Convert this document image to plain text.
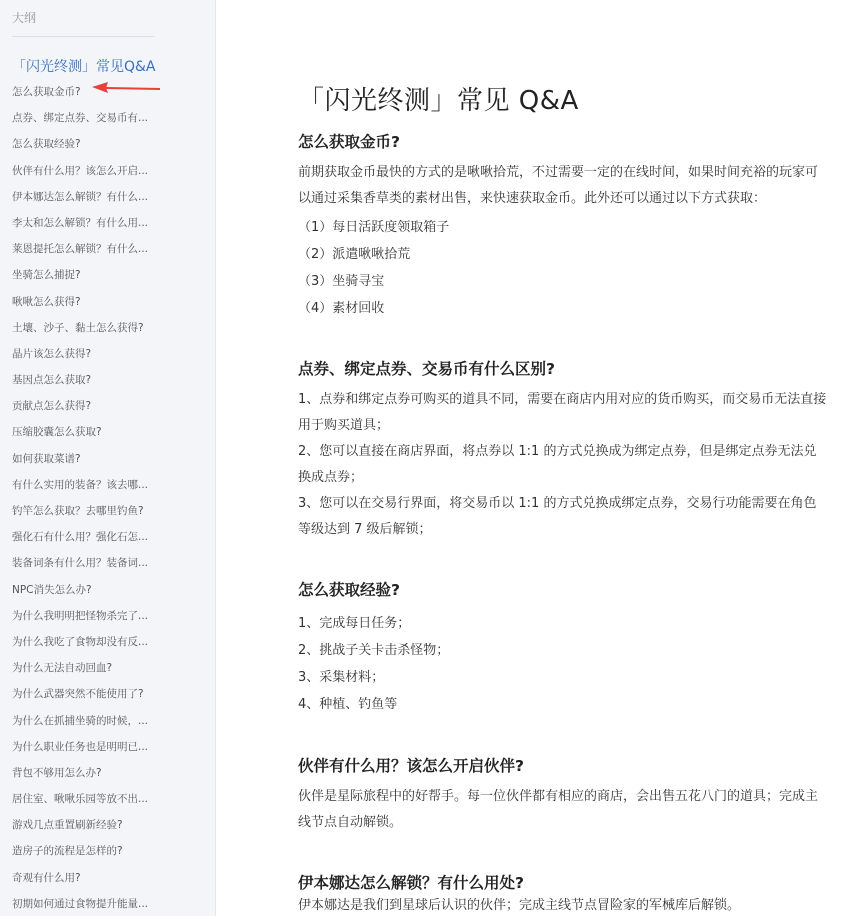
大纲
「闪光终测」常见Q&A
怎么获取金币?
点券、绑定点券、交易币有...
怎么获取经验?
伙伴有什么用？该怎么开启...
伊本娜达怎么解锁？有什么...
李太和怎么解锁？有什么用...
莱恩提托怎么解锁？有什么...
坐骑怎么捕捉?
啾啾怎么获得?
土壤、沙子、黏土怎么获得?
晶片该怎么获得?
基因点怎么获取?
贡献点怎么获得?
压缩胶囊怎么获取?
如何获取菜谱?
有什么实用的装备？该去哪...
钓竿怎么获取？去哪里钓鱼?
强化石有什么用？强化石怎...
装备词条有什么用？装备词...
NPC消失怎么办?
为什么我明明把怪物杀完了...
为什么我吃了食物却没有反...
为什么无法自动回血?
为什么武器突然不能使用了?
为什么在抓捕坐骑的时候，...
为什么职业任务也是明明已...
背包不够用怎么办?
居住室、啾啾乐园等放不出...
游戏几点重置刷新经验?
造房子的流程是怎样的?
奇观有什么用?
初期如何通过食物提升能量...
「闪光终测」常见 Q&A
怎么获取金币?
前期获取金币最快的方式的是啾啾拾荒，不过需要一定的在线时间，如果时间充裕的玩家可以通过采集香草类的素材出售，来快速获取金币。此外还可以通过以下方式获取：
（1）每日活跃度领取箱子
（2）派遣啾啾拾荒
（3）坐骑寻宝
（4）素材回收
点券、绑定点券、交易币有什么区别?
1、点券和绑定点券可购买的道具不同，需要在商店内用对应的货币购买，而交易币无法直接用于购买道具；
2、您可以直接在商店界面，将点券以 1:1 的方式兑换成为绑定点券，但是绑定点券无法兑换成点券；
3、您可以在交易行界面，将交易币以 1:1 的方式兑换成绑定点券，交易行功能需要在角色等级达到 7 级后解锁；
怎么获取经验?
1、完成每日任务；
2、挑战子关卡击杀怪物；
3、采集材料；
4、种植、钓鱼等
伙伴有什么用？该怎么开启伙伴?
伙伴是星际旅程中的好帮手。每一位伙伴都有相应的商店，会出售五花八门的道具；完成主线节点自动解锁。
伊本娜达怎么解锁？有什么用处?
伊本娜达是我们到星球后认识的伙伴；完成主线节点冒险家的军械库后解锁。
